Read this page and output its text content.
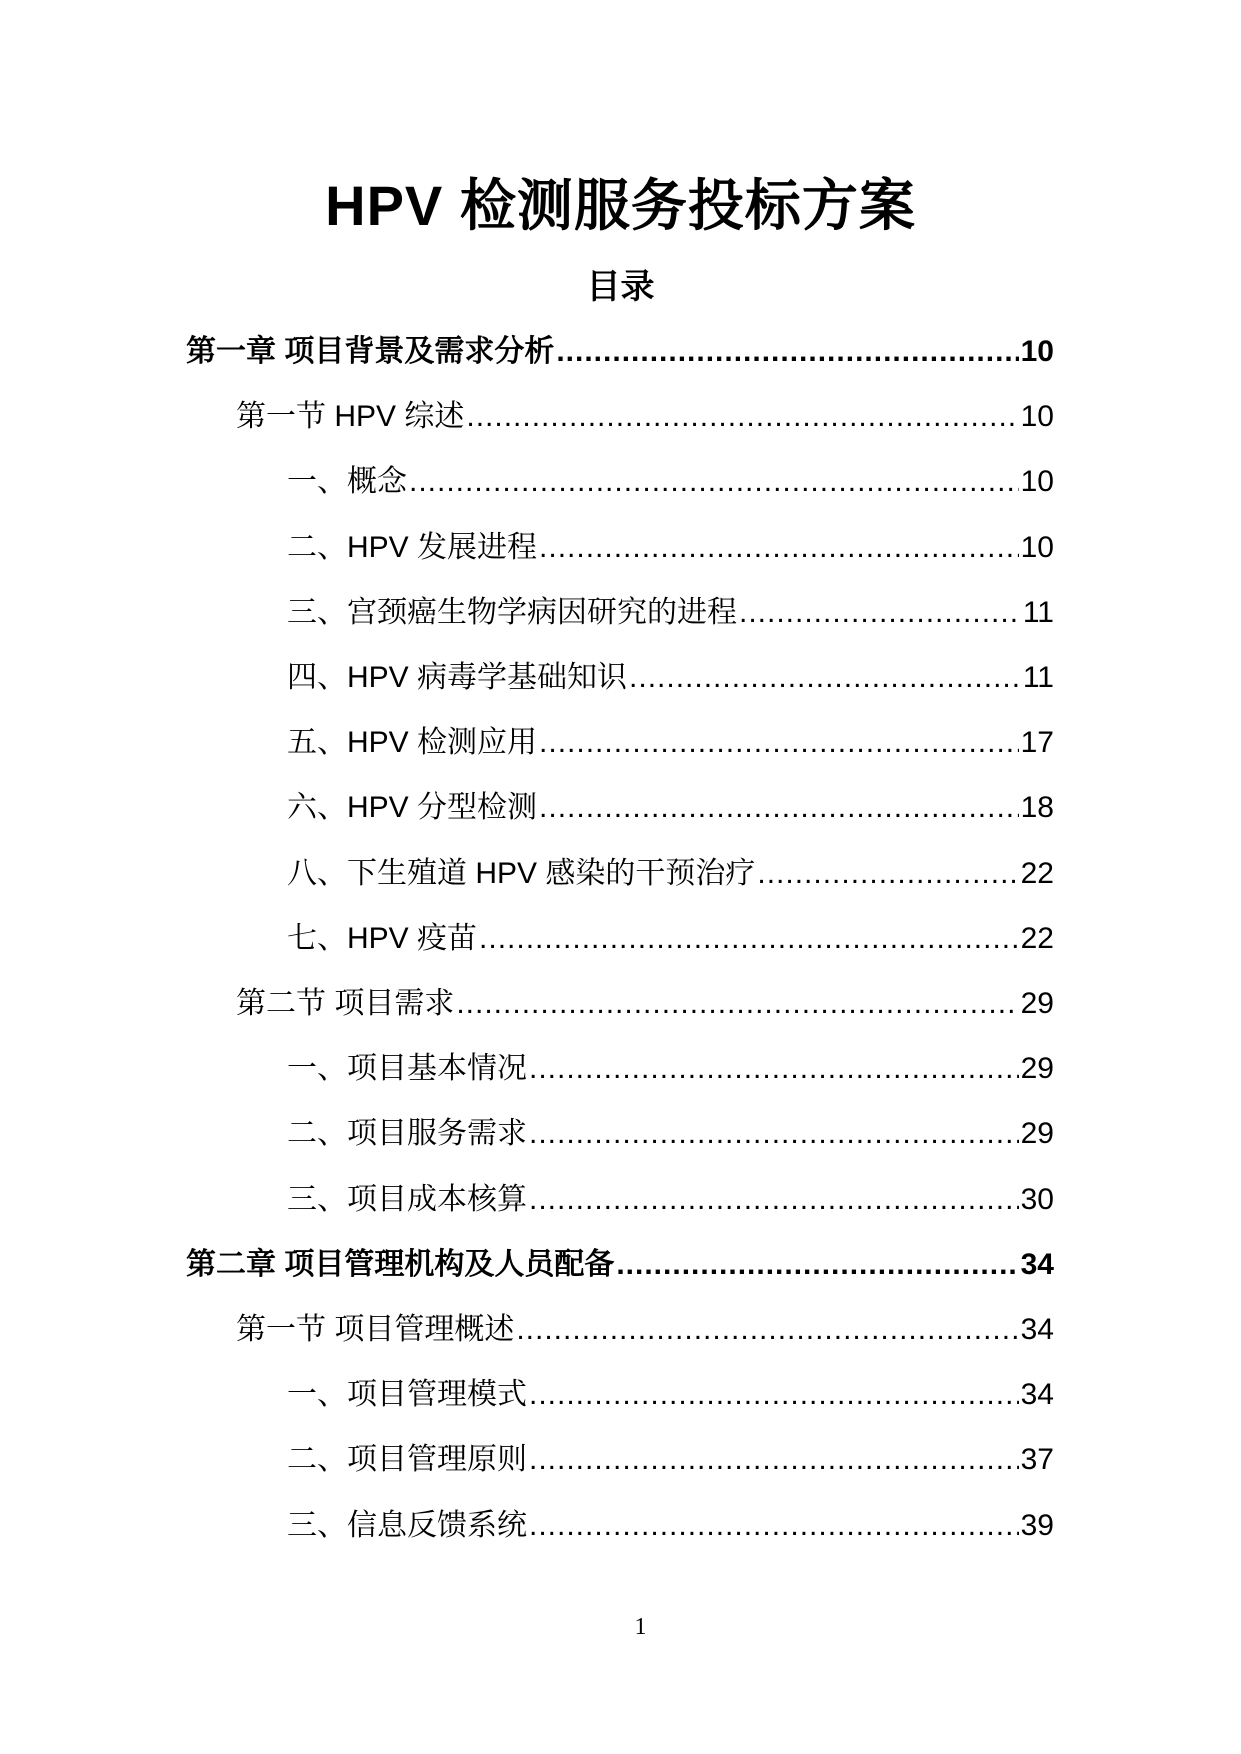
HPV 检测服务投标方案
目录
第一章 项目背景及需求分析 .....	10
第一节 HPV 综述 .....	10
一、概念 .....	10
二、HPV 发展进程 .....	10
三、宫颈癌生物学病因研究的进程 .....	11
四、HPV 病毒学基础知识 .....	11
五、HPV 检测应用 .....	17
六、HPV 分型检测 .....	18
八、下生殖道 HPV 感染的干预治疗 .....	22
七、HPV 疫苗 .....	22
第二节 项目需求 .....	29
一、项目基本情况 .....	29
二、项目服务需求 .....	29
三、项目成本核算 .....	30
第二章 项目管理机构及人员配备 .....	34
第一节 项目管理概述 .....	34
一、项目管理模式 .....	34
二、项目管理原则 .....	37
三、信息反馈系统 .....	39
1
